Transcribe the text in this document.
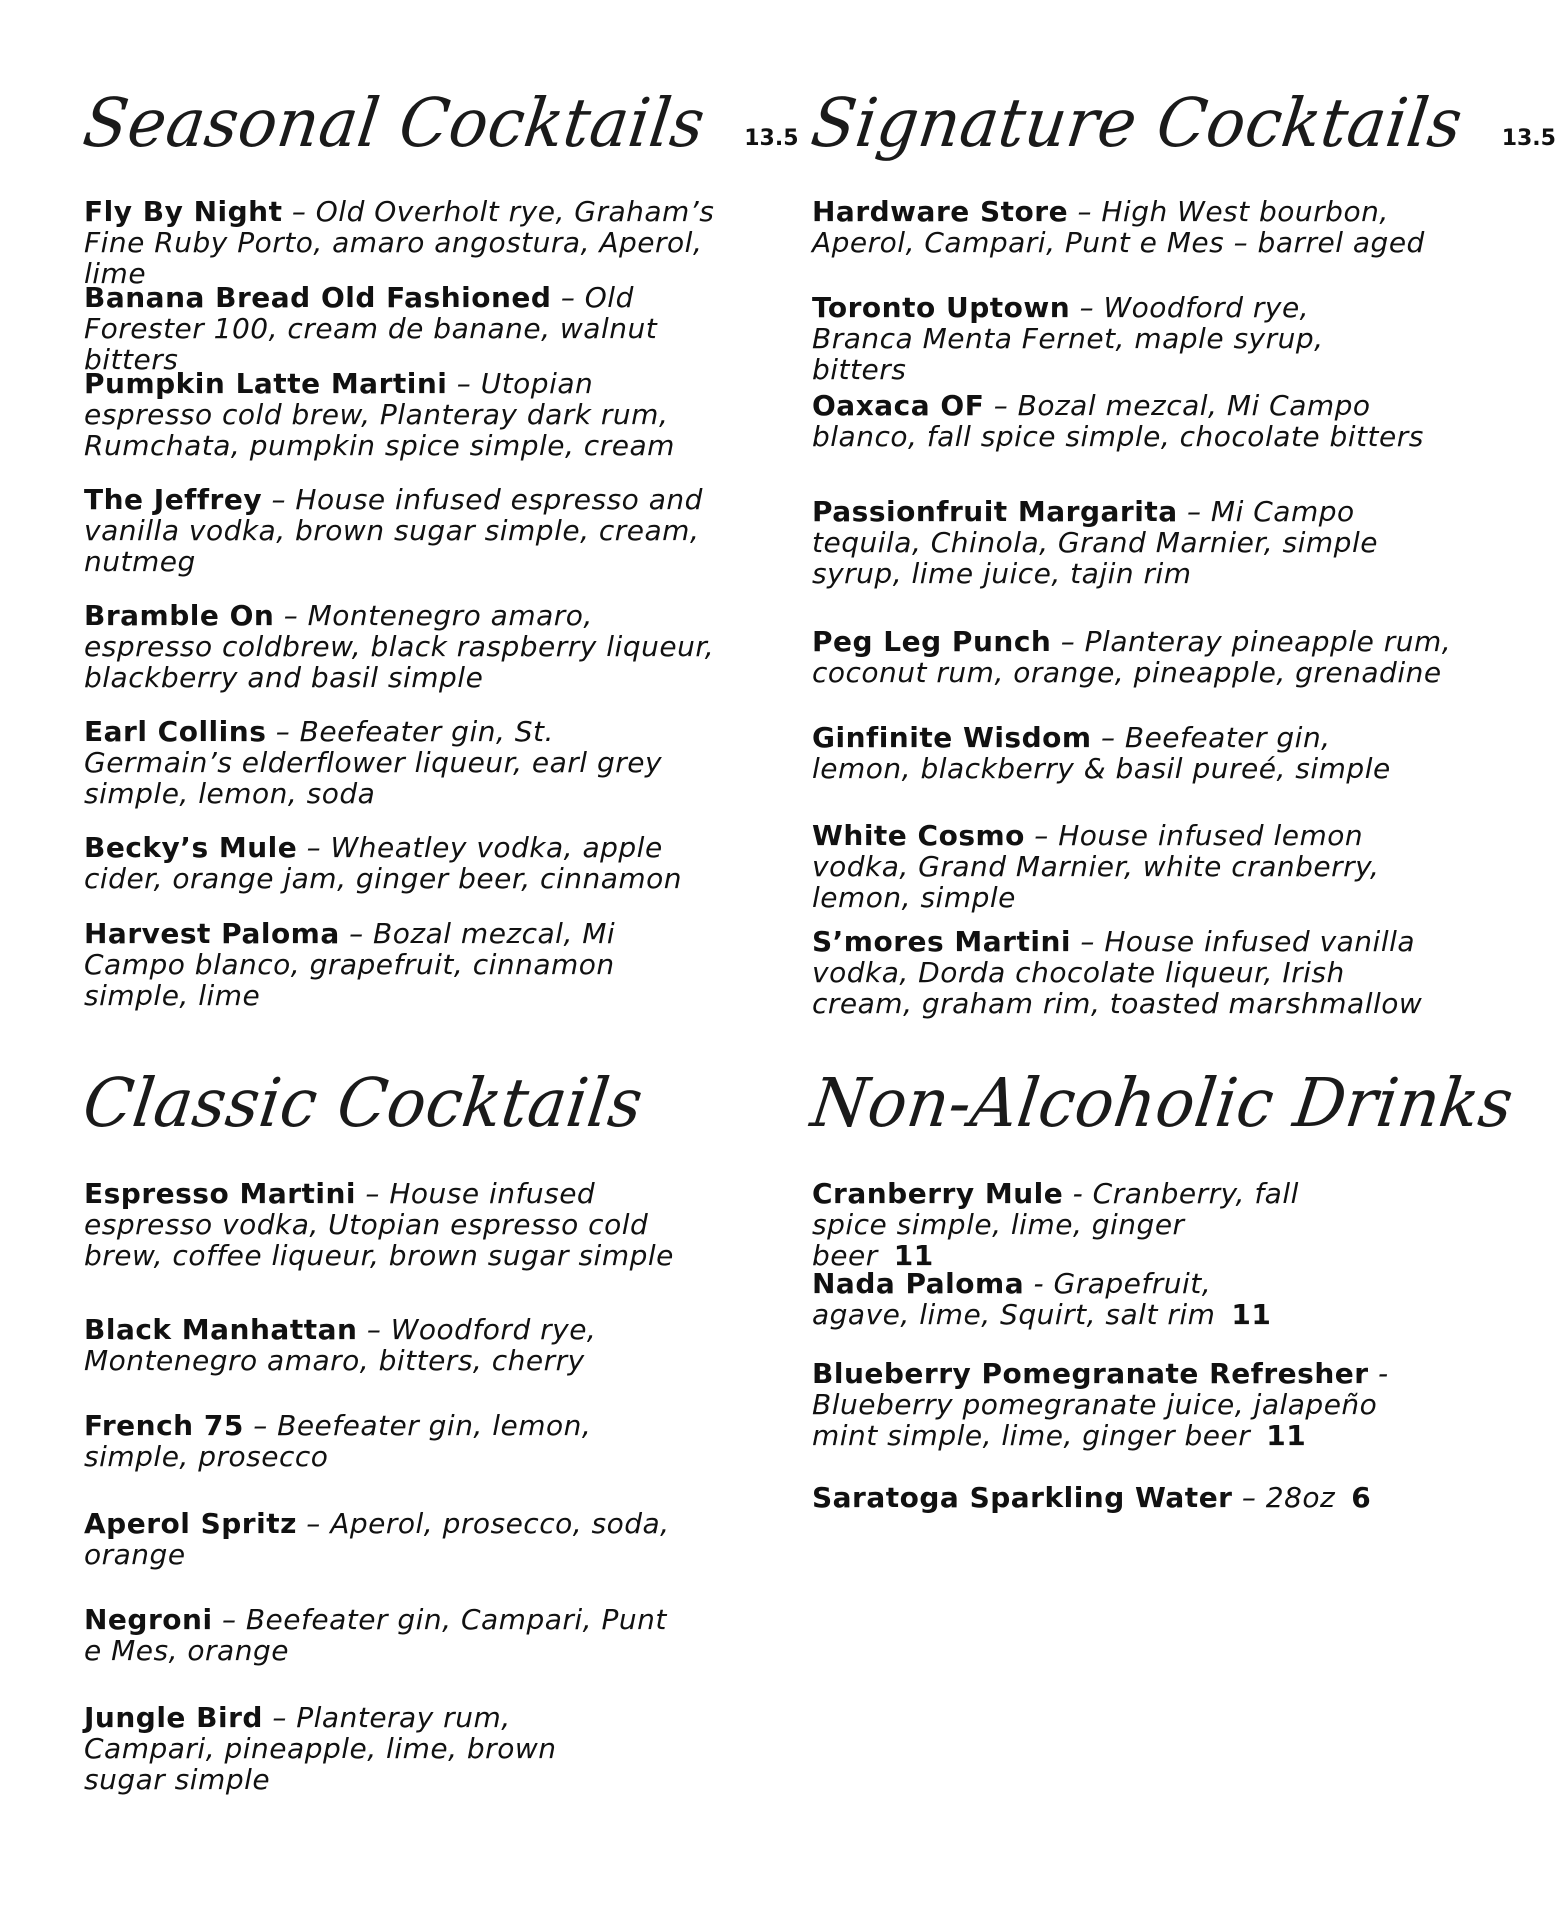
Seasonal Cocktails 13.5
Fly By Night – Old Overholt rye, Graham’s Fine Ruby Porto, amaro angostura, Aperol, lime
Banana Bread Old Fashioned – Old Forester 100, cream de banane, walnut bitters
Pumpkin Latte Martini – Utopian espresso cold brew, Planteray dark rum, Rumchata, pumpkin spice simple, cream
The Jeffrey – House infused espresso and vanilla vodka, brown sugar simple, cream, nutmeg
Bramble On – Montenegro amaro, espresso coldbrew, black raspberry liqueur, blackberry and basil simple
Earl Collins – Beefeater gin, St. Germain’s elderflower liqueur, earl grey simple, lemon, soda
Becky’s Mule – Wheatley vodka, apple cider, orange jam, ginger beer, cinnamon
Harvest Paloma – Bozal mezcal, Mi Campo blanco, grapefruit, cinnamon simple, lime
Signature Cocktails 13.5
Hardware Store – High West bourbon, Aperol, Campari, Punt e Mes – barrel aged
Toronto Uptown – Woodford rye, Branca Menta Fernet, maple syrup, bitters
Oaxaca OF – Bozal mezcal, Mi Campo blanco, fall spice simple, chocolate bitters
Passionfruit Margarita – Mi Campo tequila, Chinola, Grand Marnier, simple syrup, lime juice, tajin rim
Peg Leg Punch – Planteray pineapple rum, coconut rum, orange, pineapple, grenadine
Ginfinite Wisdom – Beefeater gin, lemon, blackberry & basil pureé, simple
White Cosmo – House infused lemon vodka, Grand Marnier, white cranberry, lemon, simple
S’mores Martini – House infused vanilla vodka, Dorda chocolate liqueur, Irish cream, graham rim, toasted marshmallow
Classic Cocktails
Espresso Martini – House infused espresso vodka, Utopian espresso cold brew, coffee liqueur, brown sugar simple
Black Manhattan – Woodford rye, Montenegro amaro, bitters, cherry
French 75 – Beefeater gin, lemon, simple, prosecco
Aperol Spritz – Aperol, prosecco, soda, orange
Negroni – Beefeater gin, Campari, Punt e Mes, orange
Jungle Bird – Planteray rum, Campari, pineapple, lime, brown sugar simple
Non-Alcoholic Drinks
Cranberry Mule - Cranberry, fall spice simple, lime, ginger beer 11
Nada Paloma - Grapefruit, agave, lime, Squirt, salt rim 11
Blueberry Pomegranate Refresher - Blueberry pomegranate juice, jalapeño mint simple, lime, ginger beer 11
Saratoga Sparkling Water – 28oz 6
